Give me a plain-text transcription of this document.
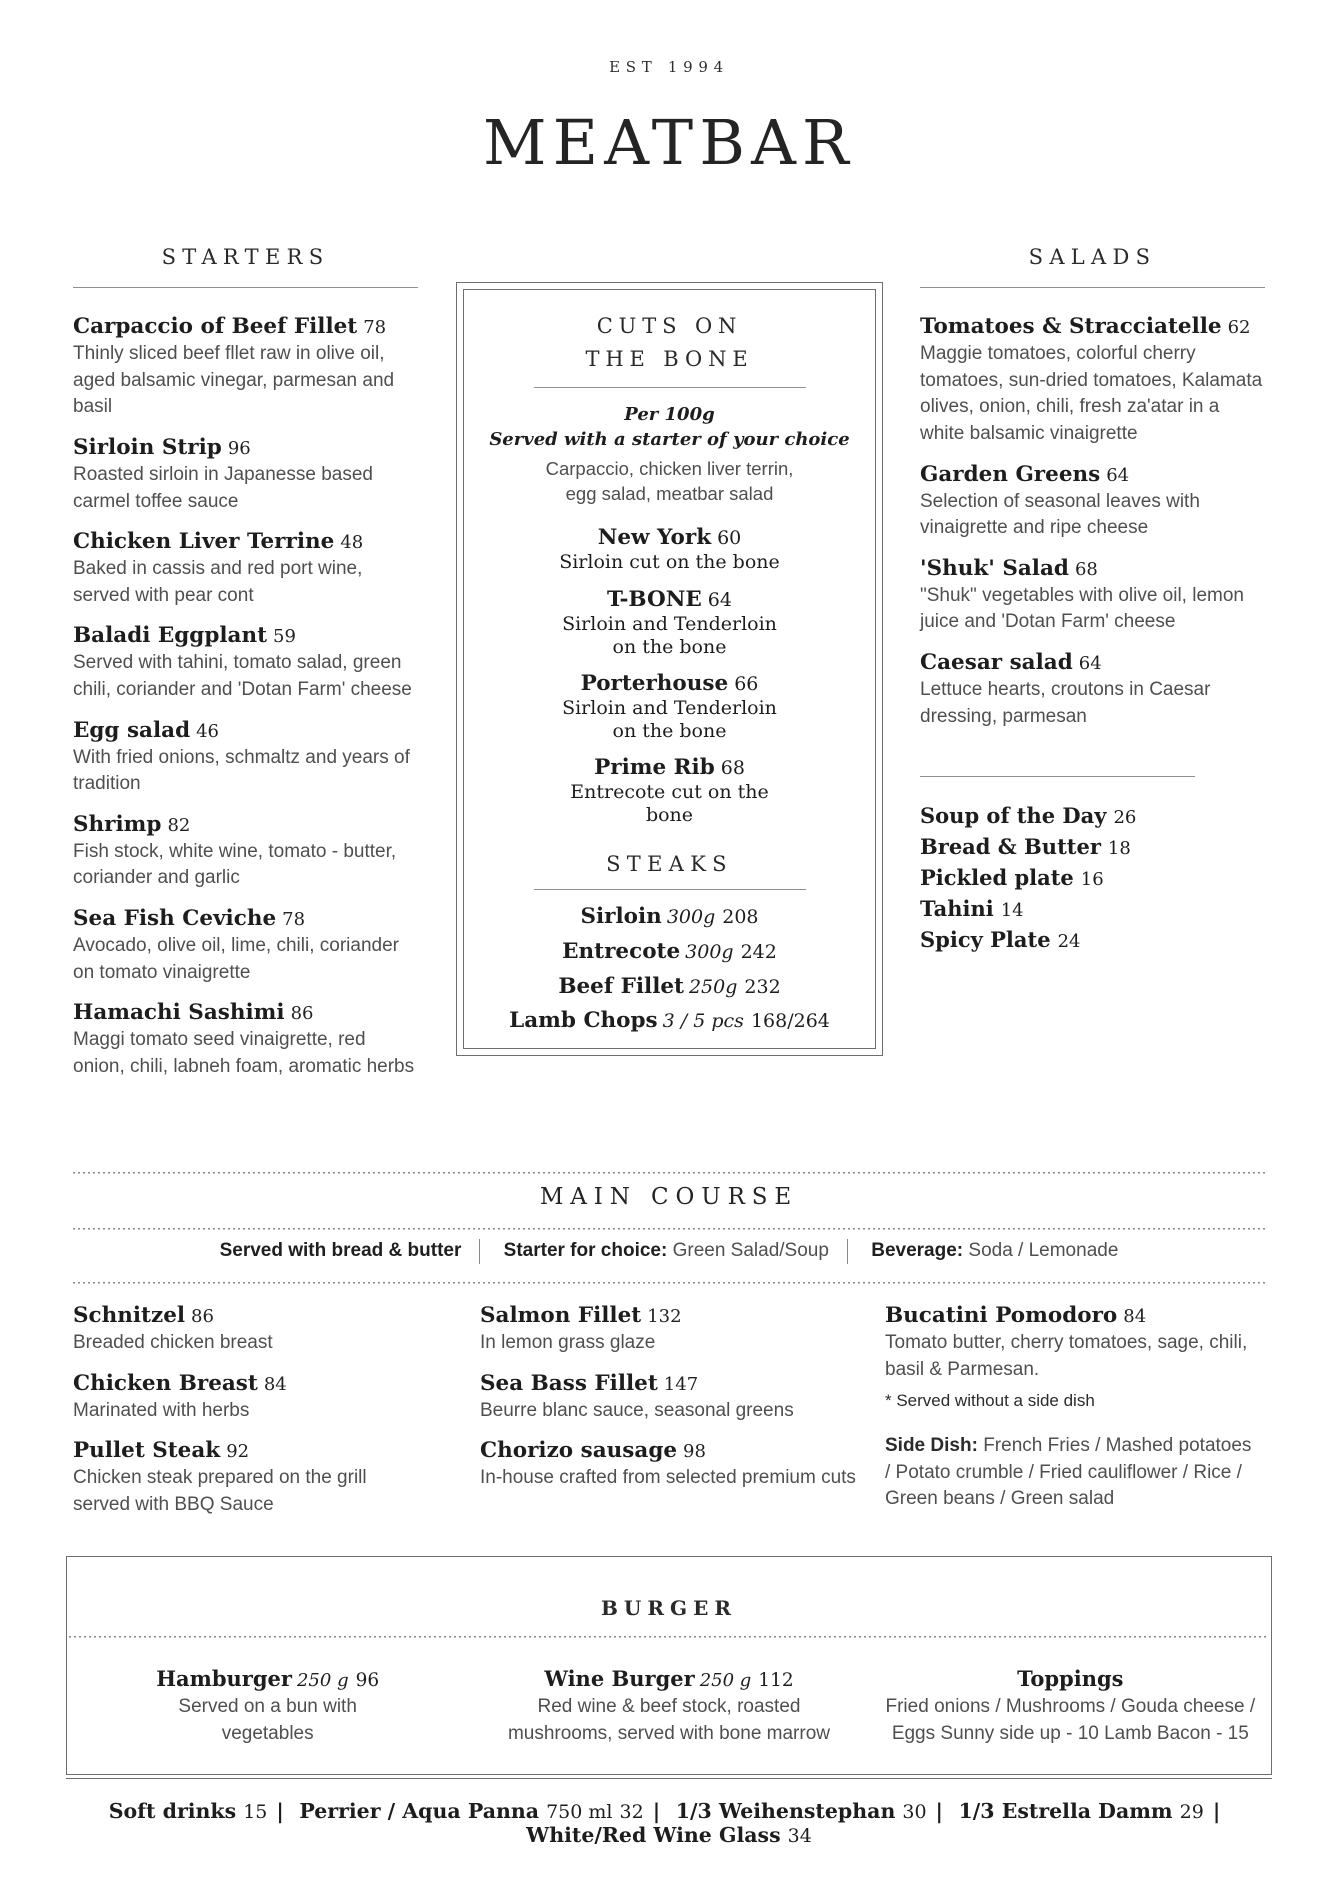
EST 1994
MEATBAR
STARTERS
Carpaccio of Beef Fillet 78
Thinly sliced beef fllet raw in olive oil, aged balsamic vinegar, parmesan and basil
Sirloin Strip 96
Roasted sirloin in Japanesse based carmel toffee sauce
Chicken Liver Terrine 48
Baked in cassis and red port wine, served with pear cont
Baladi Eggplant 59
Served with tahini, tomato salad, green chili, coriander and 'Dotan Farm' cheese
Egg salad 46
With fried onions, schmaltz and years of tradition
Shrimp 82
Fish stock, white wine, tomato - butter, coriander and garlic
Sea Fish Ceviche 78
Avocado, olive oil, lime, chili, coriander on tomato vinaigrette
Hamachi Sashimi 86
Maggi tomato seed vinaigrette, red onion, chili, labneh foam, aromatic herbs
CUTS ON
THE BONE
Per 100g
Served with a starter of your choice
Carpaccio, chicken liver terrin, egg salad, meatbar salad
New York 60
Sirloin cut on the bone
T-BONE 64
Sirloin and Tenderloin on the bone
Porterhouse 66
Sirloin and Tenderloin on the bone
Prime Rib 68
Entrecote cut on the bone
STEAKS
Sirloin 300g 208
Entrecote 300g 242
Beef Fillet 250g 232
Lamb Chops 3 / 5 pcs 168/264
SALADS
Tomatoes & Stracciatelle 62
Maggie tomatoes, colorful cherry tomatoes, sun-dried tomatoes, Kalamata olives, onion, chili, fresh za'atar in a white balsamic vinaigrette
Garden Greens 64
Selection of seasonal leaves with vinaigrette and ripe cheese
'Shuk' Salad 68
"Shuk" vegetables with olive oil, lemon juice and 'Dotan Farm' cheese
Caesar salad 64
Lettuce hearts, croutons in Caesar dressing, parmesan
Soup of the Day 26
Bread & Butter 18
Pickled plate 16
Tahini 14
Spicy Plate 24
MAIN COURSE
Served with bread & butter Starter for choice: Green Salad/Soup Beverage: Soda / Lemonade
Schnitzel 86
Breaded chicken breast
Chicken Breast 84
Marinated with herbs
Pullet Steak 92
Chicken steak prepared on the grill served with BBQ Sauce
Salmon Fillet 132
In lemon grass glaze
Sea Bass Fillet 147
Beurre blanc sauce, seasonal greens
Chorizo sausage 98
In-house crafted from selected premium cuts
Bucatini Pomodoro 84
Tomato butter, cherry tomatoes, sage, chili, basil & Parmesan.
* Served without a side dish
Side Dish: French Fries / Mashed potatoes / Potato crumble / Fried cauliflower / Rice / Green beans / Green salad
BURGER
Hamburger 250 g 96
Served on a bun with vegetables
Wine Burger 250 g 112
Red wine & beef stock, roasted mushrooms, served with bone marrow
Toppings
Fried onions / Mushrooms / Gouda cheese / Eggs Sunny side up - 10 Lamb Bacon - 15
Soft drinks 15 | Perrier / Aqua Panna 750 ml 32 | 1/3 Weihenstephan 30 | 1/3 Estrella Damm 29 | White/Red Wine Glass 34
